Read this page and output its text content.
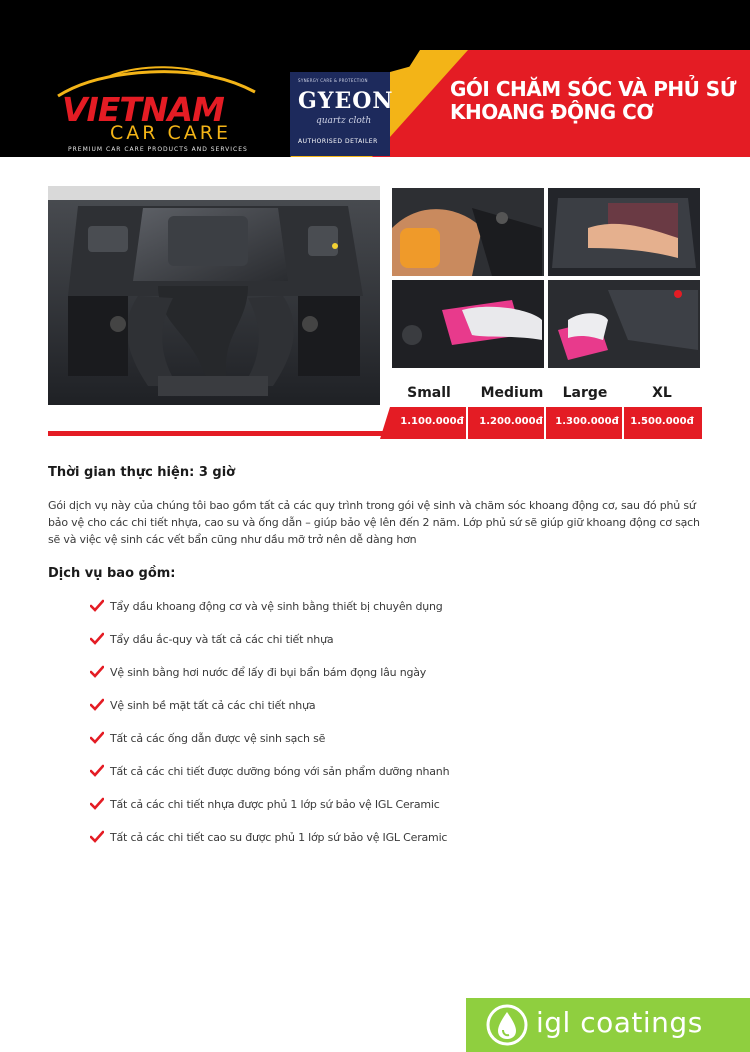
VIETNAM
CAR CARE
PREMIUM CAR CARE PRODUCTS AND SERVICES
SYNERGY CARE & PROTECTION
GYEON
quartz cloth
AUTHORISED DETAILER
GÓI CHĂM SÓC VÀ PHỦ SỨ KHOANG ĐỘNG CƠ
Small	Medium	Large	XL
1.100.000đ	1.200.000đ	1.300.000đ	1.500.000đ
Thời gian thực hiện: 3 giờ
Gói dịch vụ này của chúng tôi bao gồm tất cả các quy trình trong gói vệ sinh và chăm sóc khoang động cơ, sau đó phủ sứ bảo vệ cho các chi tiết nhựa, cao su và ống dẫn – giúp bảo vệ lên đến 2 năm. Lớp phủ sứ sẽ giúp giữ khoang động cơ sạch sẽ và việc vệ sinh các vết bẩn cũng như dầu mỡ trở nên dễ dàng hơn
Dịch vụ bao gồm:
Tẩy dầu khoang động cơ và vệ sinh bằng thiết bị chuyên dụng
Tẩy dầu ắc-quy và tất cả các chi tiết nhựa
Vệ sinh bằng hơi nước để lấy đi bụi bẩn bám đọng lâu ngày
Vệ sinh bề mặt tất cả các chi tiết nhựa
Tất cả các ống dẫn được vệ sinh sạch sẽ
Tất cả các chi tiết được dưỡng bóng với sản phẩm dưỡng nhanh
Tất cả các chi tiết nhựa được phủ 1 lớp sứ bảo vệ IGL Ceramic
Tất cả các chi tiết cao su được phủ 1 lớp sứ bảo vệ IGL Ceramic
igl coatings
